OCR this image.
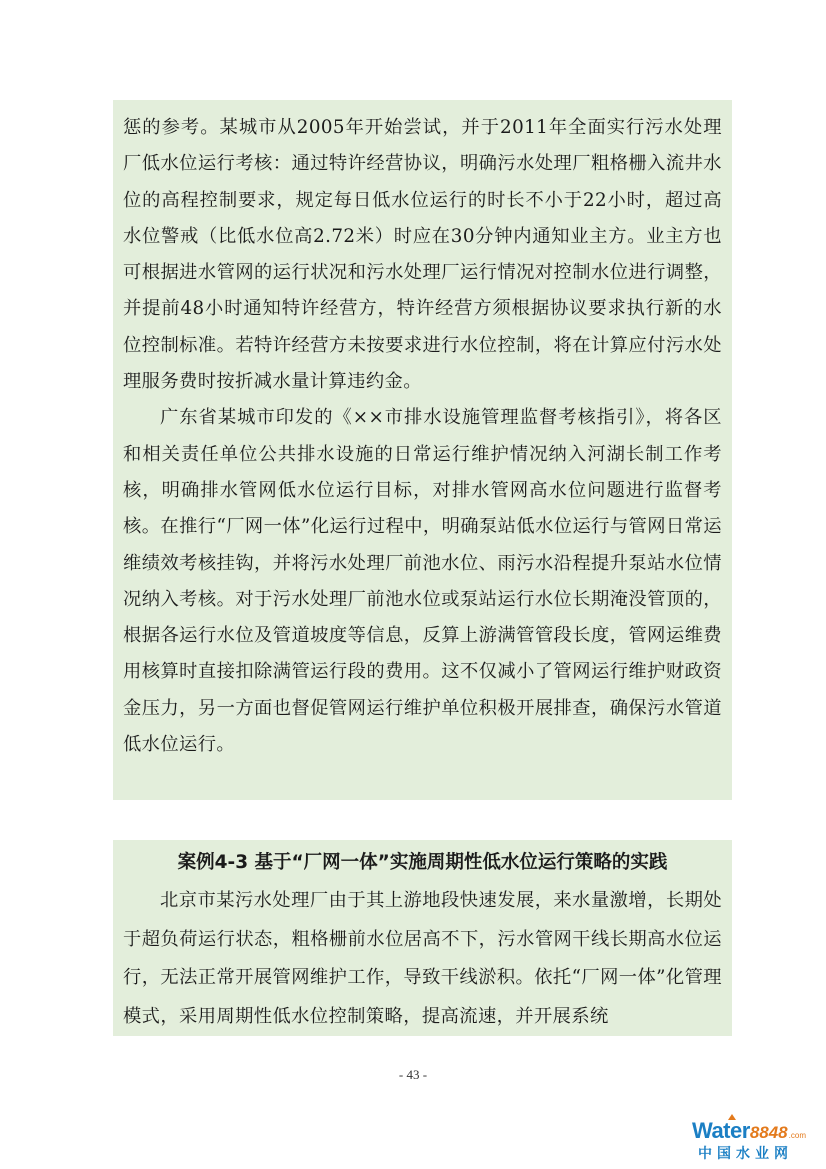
惩的参考。某城市从2005年开始尝试，并于2011年全面实行污水处理厂低水位运行考核：通过特许经营协议，明确污水处理厂粗格栅入流井水位的高程控制要求，规定每日低水位运行的时长不小于22小时，超过高水位警戒（比低水位高2.72米）时应在30分钟内通知业主方。业主方也可根据进水管网的运行状况和污水处理厂运行情况对控制水位进行调整，并提前48小时通知特许经营方，特许经营方须根据协议要求执行新的水位控制标准。若特许经营方未按要求进行水位控制，将在计算应付污水处理服务费时按折减水量计算违约金。

广东省某城市印发的《××市排水设施管理监督考核指引》，将各区和相关责任单位公共排水设施的日常运行维护情况纳入河湖长制工作考核，明确排水管网低水位运行目标，对排水管网高水位问题进行监督考核。在推行“厂网一体”化运行过程中，明确泵站低水位运行与管网日常运维绩效考核挂钩，并将污水处理厂前池水位、雨污水沿程提升泵站水位情况纳入考核。对于污水处理厂前池水位或泵站运行水位长期淹没管顶的，根据各运行水位及管道坡度等信息，反算上游满管管段长度，管网运维费用核算时直接扣除满管运行段的费用。这不仅减小了管网运行维护财政资金压力，另一方面也督促管网运行维护单位积极开展排查，确保污水管道低水位运行。

案例4-3 基于“厂网一体”实施周期性低水位运行策略的实践

北京市某污水处理厂由于其上游地段快速发展，来水量激增，长期处于超负荷运行状态，粗格栅前水位居高不下，污水管网干线长期高水位运行，无法正常开展管网维护工作，导致干线淤积。依托“厂网一体”化管理模式，采用周期性低水位控制策略，提高流速，并开展系统

- 43 -
Water8848.com
中国水业网
